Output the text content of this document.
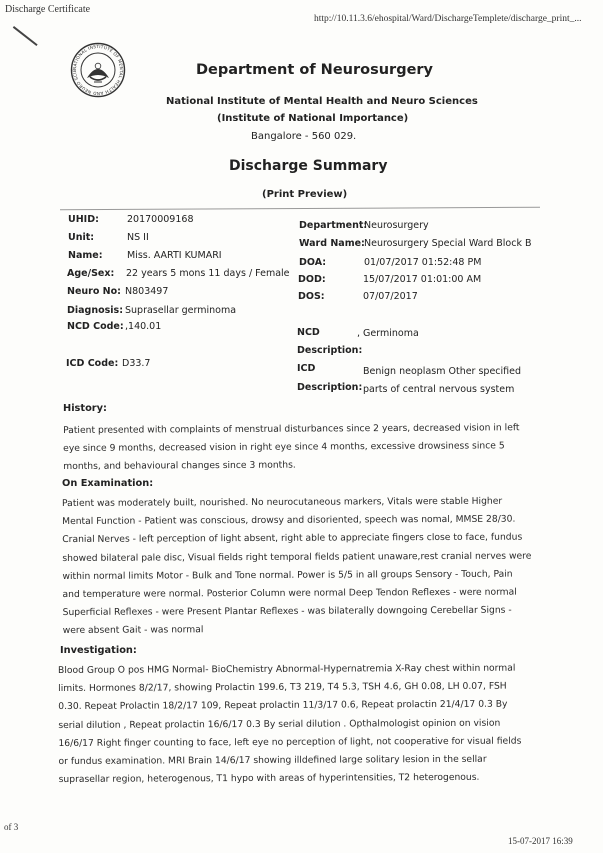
Discharge Certificate
http://10.11.3.6/ehospital/Ward/DischargeTemplete/discharge_print_...
NATIONAL INSTITUTE OF MENTAL HEALTH AND NEURO SCIE	Department of Neurosurgery
National Institute of Mental Health and Neuro Sciences
(Institute of National Importance)
Bangalore - 560 029.
Discharge Summary
(Print Preview)
UHID:	20170009168
Unit:	NS II
Name:	Miss. AARTI KUMARI
Age/Sex: 22 years 5 mons 11 days / Female
Neuro No: N803497
Diagnosis: Suprasellar germinoma
NCD Code: ,140.01
ICD Code: D33.7
Department:
Neurosurgery
Ward Name: Neurosurgery Special Ward Block B
DOA:	01/07/2017 01:52:48 PM
DOD:	15/07/2017 01:01:00 AM
DOS:	07/07/2017
NCD	, Germinoma
Description:
ICD	Benign neoplasm Other specified
Description: parts of central nervous system
History:
Patient presented with complaints of menstrual disturbances since 2 years, decreased vision in left
eye since 9 months, decreased vision in right eye since 4 months, excessive drowsiness since 5
months, and behavioural changes since 3 months.
On Examination:
Patient was moderately built, nourished. No neurocutaneous markers, Vitals were stable Higher
Mental Function - Patient was conscious, drowsy and disoriented, speech was nomal, MMSE 28/30.
Cranial Nerves - left perception of light absent, right able to appreciate fingers close to face, fundus
showed bilateral pale disc, Visual fields right temporal fields patient unaware,rest cranial nerves were
within normal limits Motor - Bulk and Tone normal. Power is 5/5 in all groups Sensory - Touch, Pain
and temperature were normal. Posterior Column were normal Deep Tendon Reflexes - were normal
Superficial Reflexes - were Present Plantar Reflexes - was bilaterally downgoing Cerebellar Signs -
were absent Gait - was normal
Investigation:
Blood Group O pos HMG Normal- BioChemistry Abnormal-Hypernatremia X-Ray chest within normal
limits. Hormones 8/2/17, showing Prolactin 199.6, T3 219, T4 5.3, TSH 4.6, GH 0.08, LH 0.07, FSH
0.30. Repeat Prolactin 18/2/17 109, Repeat prolactin 11/3/17 0.6, Repeat prolactin 21/4/17 0.3 By
serial dilution , Repeat prolactin 16/6/17 0.3 By serial dilution . Opthalmologist opinion on vision
16/6/17 Right finger counting to face, left eye no perception of light, not cooperative for visual fields
or fundus examination. MRI Brain 14/6/17 showing illdefined large solitary lesion in the sellar
suprasellar region, heterogenous, T1 hypo with areas of hyperintensities, T2 heterogenous.
of 3
15-07-2017 16:39
